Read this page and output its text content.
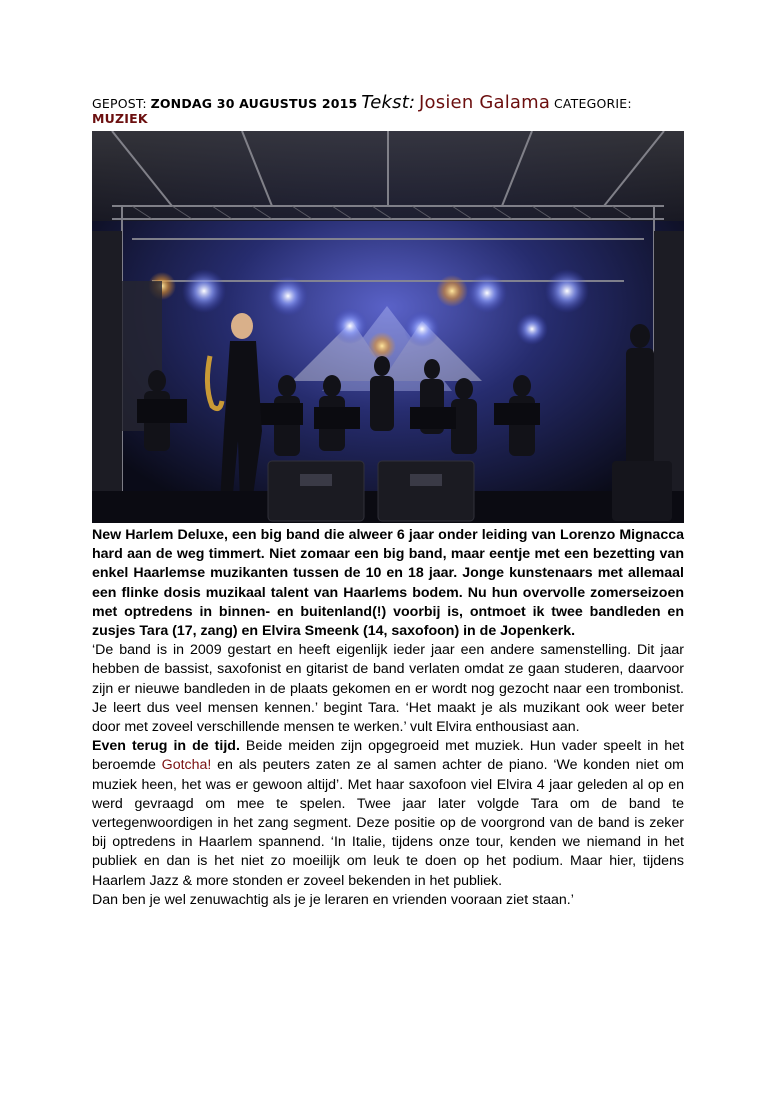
GEPOST: ZONDAG 30 AUGUSTUS 2015 Tekst: Josien Galama CATEGORIE:
MUZIEK

New Harlem Deluxe, een big band die alweer 6 jaar onder leiding van Lorenzo Mignacca hard aan de weg timmert. Niet zomaar een big band, maar eentje met een bezetting van enkel Haarlemse muzikanten tussen de 10 en 18 jaar. Jonge kunstenaars met allemaal een flinke dosis muzikaal talent van Haarlems bodem. Nu hun overvolle zomerseizoen met optredens in binnen- en buitenland(!) voorbij is, ontmoet ik twee bandleden en zusjes Tara (17, zang) en Elvira Smeenk (14, saxofoon) in de Jopenkerk.

‘De band is in 2009 gestart en heeft eigenlijk ieder jaar een andere samenstelling. Dit jaar hebben de bassist, saxofonist en gitarist de band verlaten omdat ze gaan studeren, daarvoor zijn er nieuwe bandleden in de plaats gekomen en er wordt nog gezocht naar een trombonist. Je leert dus veel mensen kennen.’ begint Tara. ‘Het maakt je als muzikant ook weer beter door met zoveel verschillende mensen te werken.’ vult Elvira enthousiast aan.

Even terug in de tijd. Beide meiden zijn opgegroeid met muziek. Hun vader speelt in het beroemde Gotcha! en als peuters zaten ze al samen achter de piano. ‘We konden niet om muziek heen, het was er gewoon altijd’. Met haar saxofoon viel Elvira 4 jaar geleden al op en werd gevraagd om mee te spelen. Twee jaar later volgde Tara om de band te vertegenwoordigen in het zang segment. Deze positie op de voorgrond van de band is zeker bij optredens in Haarlem spannend. ‘In Italie, tijdens onze tour, kenden we niemand in het publiek en dan is het niet zo moeilijk om leuk te doen op het podium. Maar hier, tijdens Haarlem Jazz & more stonden er zoveel bekenden in het publiek.

Dan ben je wel zenuwachtig als je je leraren en vrienden vooraan ziet staan.’
